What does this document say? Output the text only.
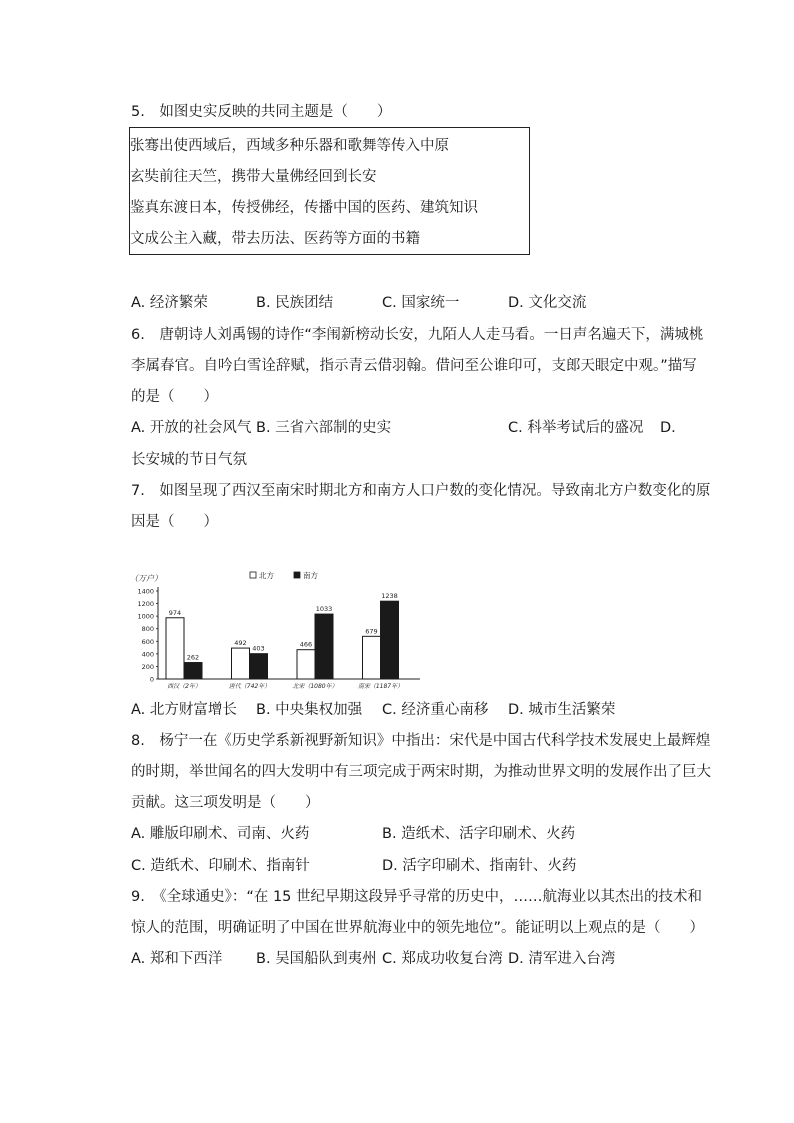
5.　如图史实反映的共同主题是（　　）
张骞出使西域后，西域多种乐器和歌舞等传入中原
玄奘前往天竺，携带大量佛经回到长安
鉴真东渡日本，传授佛经，传播中国的医药、建筑知识
文成公主入藏，带去历法、医药等方面的书籍
A. 经济繁荣	B. 民族团结	C. 国家统一	D. 文化交流
6.　唐朝诗人刘禹锡的诗作“李闱新榜动长安，九陌人人走马看。一日声名遍天下，满城桃
李属春官。自吟白雪诠辞赋，指示青云借羽翰。借问至公谁印可，支郎天眼定中观。”描写
的是（　　）
A. 开放的社会风气 B. 三省六部制的史实	C. 科举考试后的盛况 D.
长安城的节日气氛
7.　如图呈现了西汉至南宋时期北方和南方人口户数的变化情况。导致南北方户数变化的原
因是（　　）
（万户）	北方	南方
0
200
400
600
800
1000
1200
1400
974
262
西汉（2年）
492
403
唐代（742年）
466
1033
北宋（1080年）
679
1238
南宋（1187年）
A. 北方财富增长 B. 中央集权加强 C. 经济重心南移 D. 城市生活繁荣
8.　杨宁一在《历史学系新视野新知识》中指出：宋代是中国古代科学技术发展史上最辉煌
的时期，举世闻名的四大发明中有三项完成于两宋时期，为推动世界文明的发展作出了巨大
贡献。这三项发明是（　　）
A. 雕版印刷术、司南、火药	B. 造纸术、活字印刷术、火药
C. 造纸术、印刷术、指南针	D. 活字印刷术、指南针、火药
9.　《全球通史》：“在 15 世纪早期这段异乎寻常的历史中，……航海业以其杰出的技术和
惊人的范围，明确证明了中国在世界航海业中的领先地位”。能证明以上观点的是（　　）
A. 郑和下西洋 B. 吴国船队到夷州 C. 郑成功收复台湾 D. 清军进入台湾
